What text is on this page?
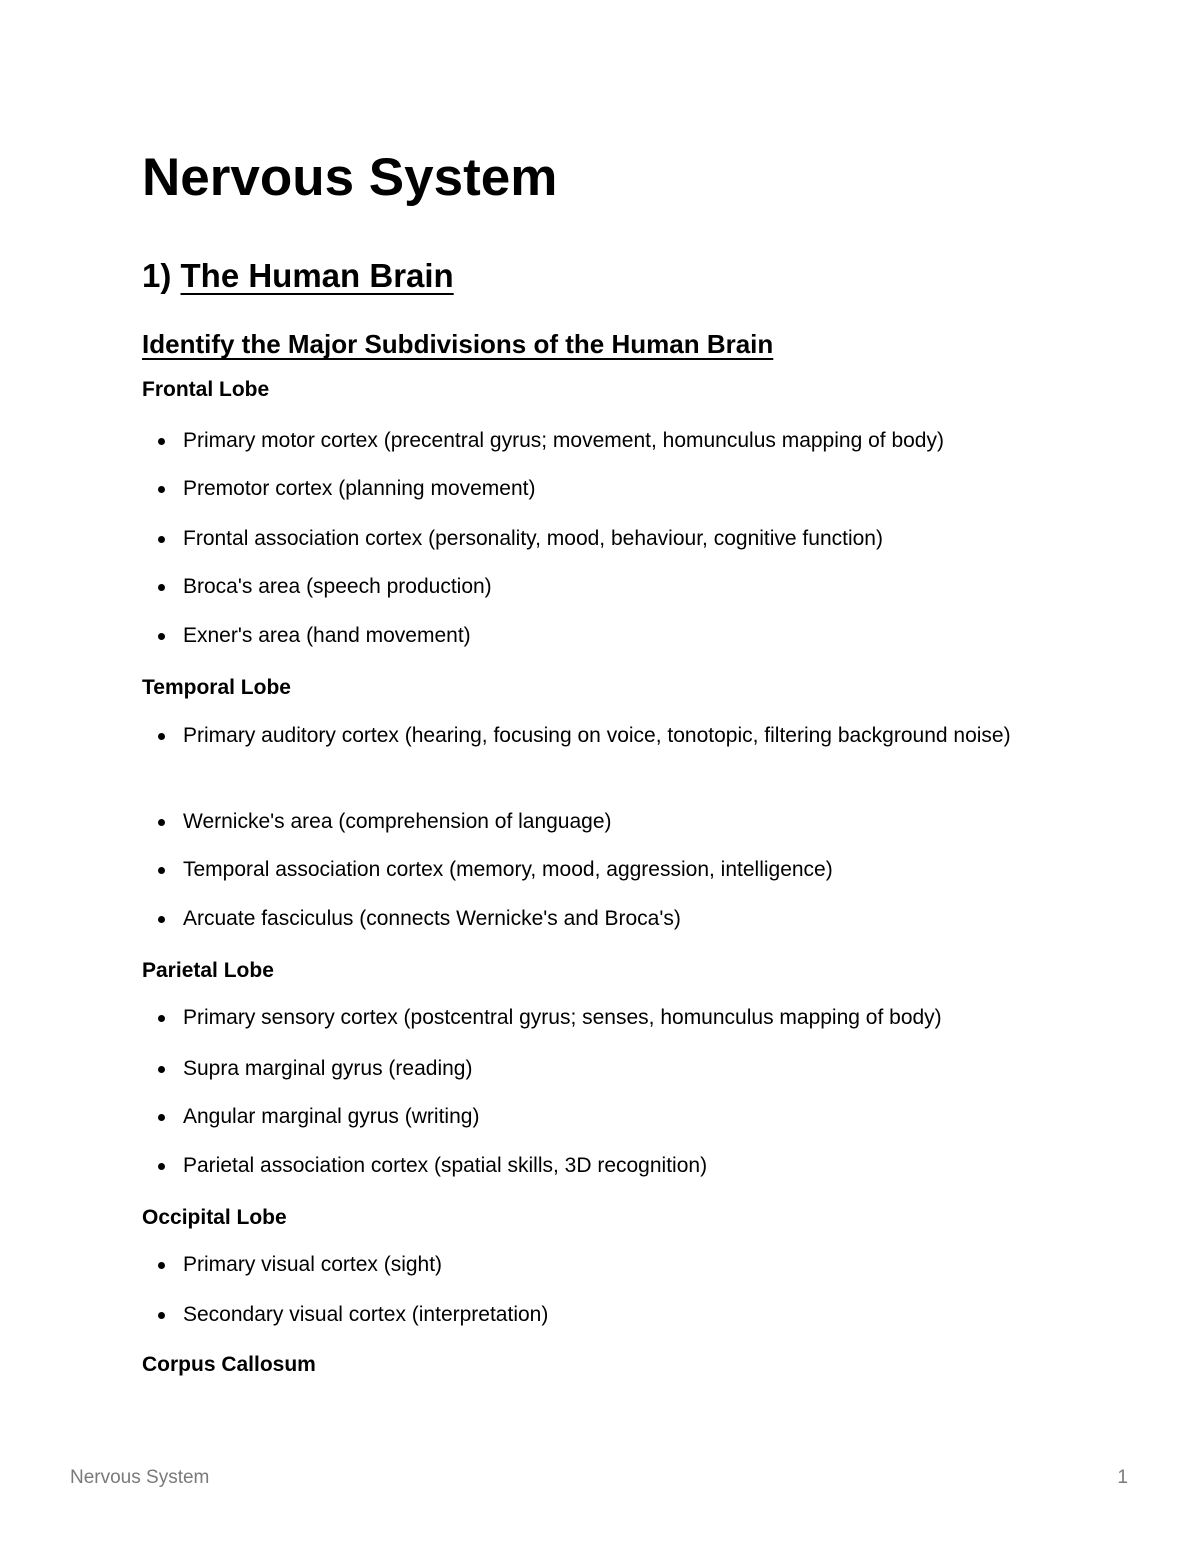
Nervous System
1) The Human Brain
Identify the Major Subdivisions of the Human Brain
Frontal Lobe
Primary motor cortex (precentral gyrus; movement, homunculus mapping of body)
Premotor cortex (planning movement)
Frontal association cortex (personality, mood, behaviour, cognitive function)
Broca's area (speech production)
Exner's area (hand movement)
Temporal Lobe
Primary auditory cortex (hearing, focusing on voice, tonotopic, filtering background noise)
Wernicke's area (comprehension of language)
Temporal association cortex (memory, mood, aggression, intelligence)
Arcuate fasciculus (connects Wernicke's and Broca's)
Parietal Lobe
Primary sensory cortex (postcentral gyrus; senses, homunculus mapping of body)
Supra marginal gyrus (reading)
Angular marginal gyrus (writing)
Parietal association cortex (spatial skills, 3D recognition)
Occipital Lobe
Primary visual cortex (sight)
Secondary visual cortex (interpretation)
Corpus Callosum
Nervous System	1
